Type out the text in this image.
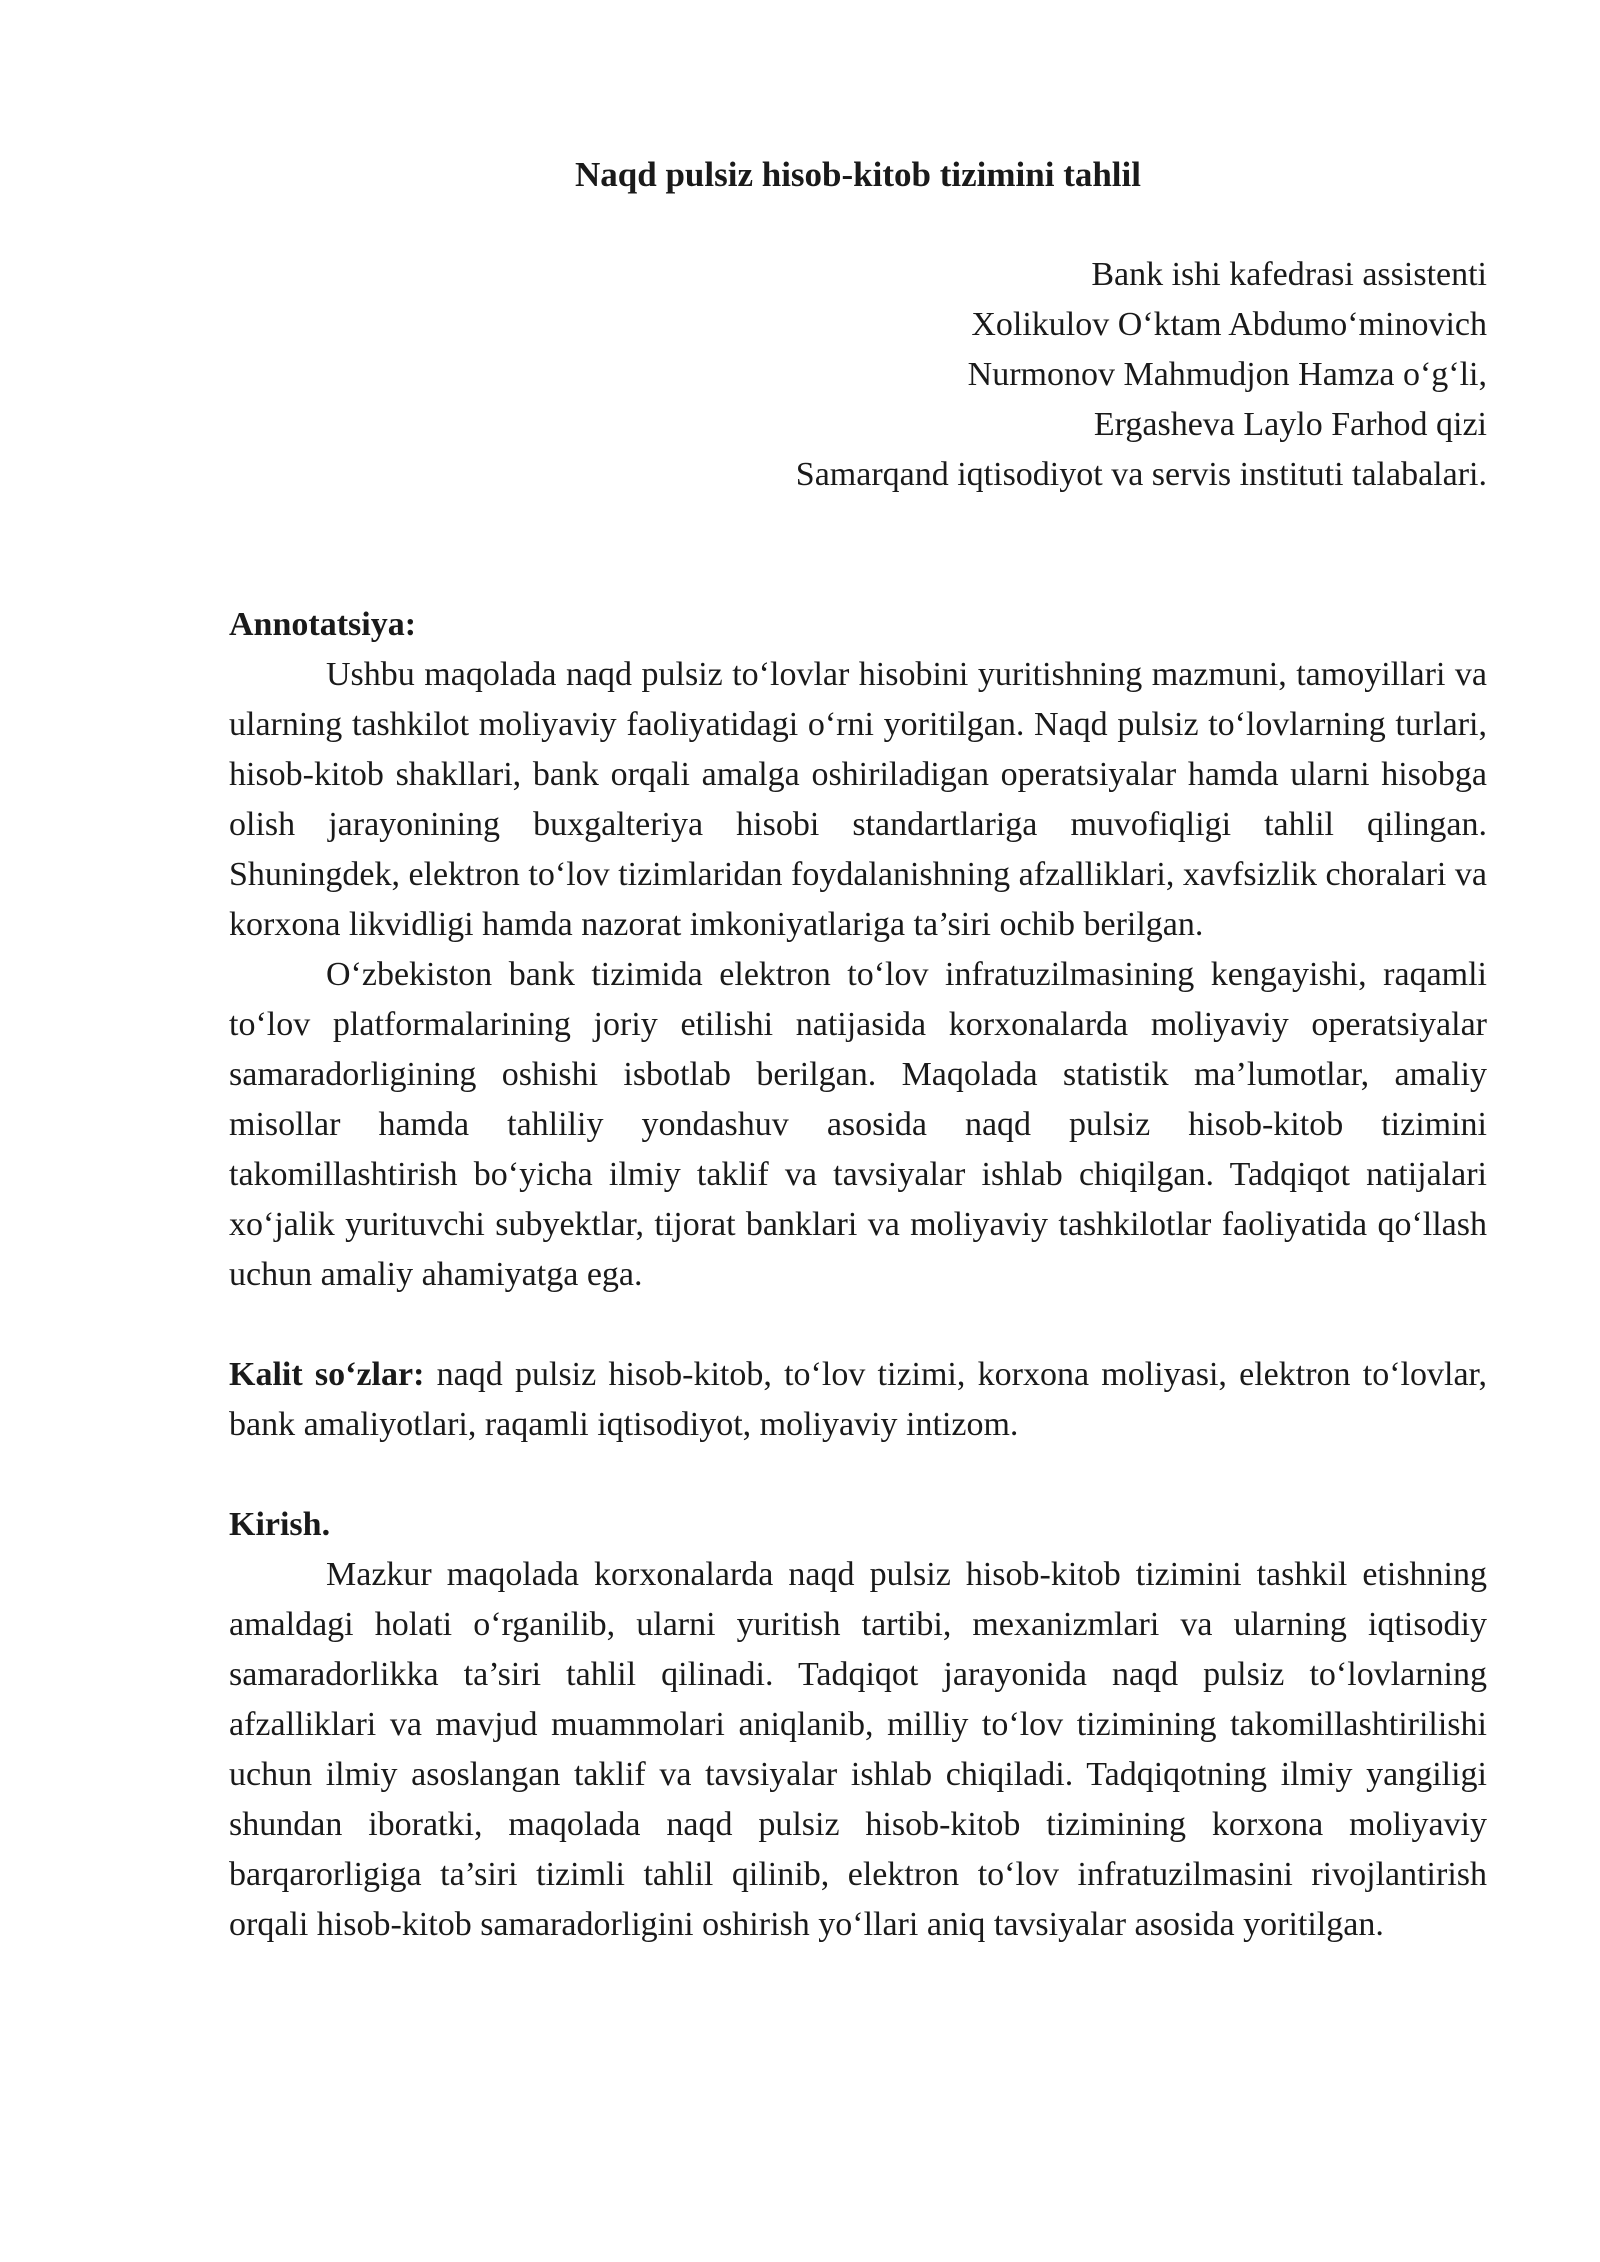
Naqd pulsiz hisob-kitob tizimini tahlil
Bank ishi kafedrasi assistenti
Xolikulov O‘ktam Abdumo‘minovich
Nurmonov Mahmudjon Hamza o‘g‘li,
Ergasheva Laylo Farhod qizi
Samarqand iqtisodiyot va servis instituti talabalari.
Annotatsiya:

Ushbu maqolada naqd pulsiz to‘lovlar hisobini yuritishning mazmuni, tamoyillari va ularning tashkilot moliyaviy faoliyatidagi o‘rni yoritilgan. Naqd pulsiz to‘lovlarning turlari, hisob-kitob shakllari, bank orqali amalga oshiriladigan operatsiyalar hamda ularni hisobga olish jarayonining buxgalteriya hisobi standartlariga muvofiqligi tahlil qilingan. Shuningdek, elektron to‘lov tizimlaridan foydalanishning afzalliklari, xavfsizlik choralari va korxona likvidligi hamda nazorat imkoniyatlariga ta’siri ochib berilgan.

O‘zbekiston bank tizimida elektron to‘lov infratuzilmasining kengayishi, raqamli to‘lov platformalarining joriy etilishi natijasida korxonalarda moliyaviy operatsiyalar samaradorligining oshishi isbotlab berilgan. Maqolada statistik ma’lumotlar, amaliy misollar hamda tahliliy yondashuv asosida naqd pulsiz hisob-kitob tizimini takomillashtirish bo‘yicha ilmiy taklif va tavsiyalar ishlab chiqilgan. Tadqiqot natijalari xo‘jalik yurituvchi subyektlar, tijorat banklari va moliyaviy tashkilotlar faoliyatida qo‘llash uchun amaliy ahamiyatga ega.

Kalit so‘zlar: naqd pulsiz hisob-kitob, to‘lov tizimi, korxona moliyasi, elektron to‘lovlar, bank amaliyotlari, raqamli iqtisodiyot, moliyaviy intizom.

Kirish.

Mazkur maqolada korxonalarda naqd pulsiz hisob-kitob tizimini tashkil etishning amaldagi holati o‘rganilib, ularni yuritish tartibi, mexanizmlari va ularning iqtisodiy samaradorlikka ta’siri tahlil qilinadi. Tadqiqot jarayonida naqd pulsiz to‘lovlarning afzalliklari va mavjud muammolari aniqlanib, milliy to‘lov tizimining takomillashtirilishi uchun ilmiy asoslangan taklif va tavsiyalar ishlab chiqiladi. Tadqiqotning ilmiy yangiligi shundan iboratki, maqolada naqd pulsiz hisob-kitob tizimining korxona moliyaviy barqarorligiga ta’siri tizimli tahlil qilinib, elektron to‘lov infratuzilmasini rivojlantirish orqali hisob-kitob samaradorligini oshirish yo‘llari aniq tavsiyalar asosida yoritilgan.
